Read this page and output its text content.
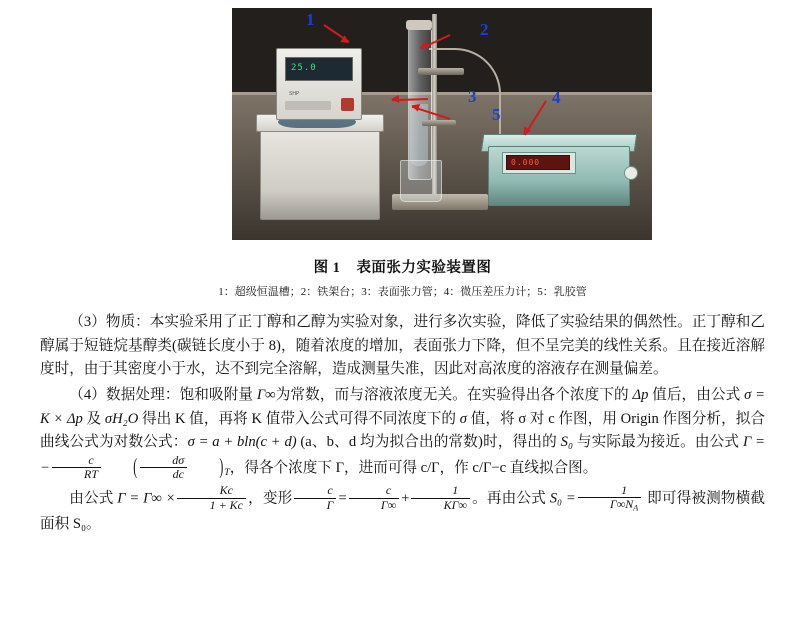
25.0
SHP
0.000
1
2
3	4
5
图 1 表面张力实验装置图
1：超级恒温槽；2：铁架台；3：表面张力管；4：微压差压力计；5：乳胶管

（3）物质：本实验采用了正丁醇和乙醇为实验对象，进行多次实验，降低了实验结果的偶然性。正丁醇和乙醇属于短链烷基醇类(碳链长度小于 8)，随着浓度的增加，表面张力下降，但不呈完美的线性关系。且在接近溶解度时，由于其密度小于水，达不到完全溶解，造成测量失准，因此对高浓度的溶液存在测量偏差。

（4）数据处理：饱和吸附量 Γ∞为常数，而与溶液浓度无关。在实验得出各个浓度下的 Δp 值后，由公式 σ = K × Δp 及 σH₂O 得出 K 值，再将 K 值带入公式可得不同浓度下的 σ 值，将 σ 对 c 作图，用 Origin 作图分析，拟合曲线公式为对数公式：σ = a + bln(c + d) (a、b、d 均为拟合出的常数)时，得出的 S₀ 与实际最为接近。由公式 Γ = − $\frac{c}{RT}$	( $\frac{d\sigma}{dc}$	)$_T$，得各个浓度下 Γ，进而可得 c/Γ，作 c/Γ−c 直线拟合图。

由公式 $\Gamma = \Gamma\infty \times \frac{Kc}{1 + Kc}$ ，变形 $\frac{c}{\Gamma} = \frac{c}{\Gamma\infty} + \frac{1}{K\Gamma\infty}$ 。再由公式 $S_0 = \frac{1}{\Gamma\infty N_A}$ 即可得被测物横截面积 S₀。
